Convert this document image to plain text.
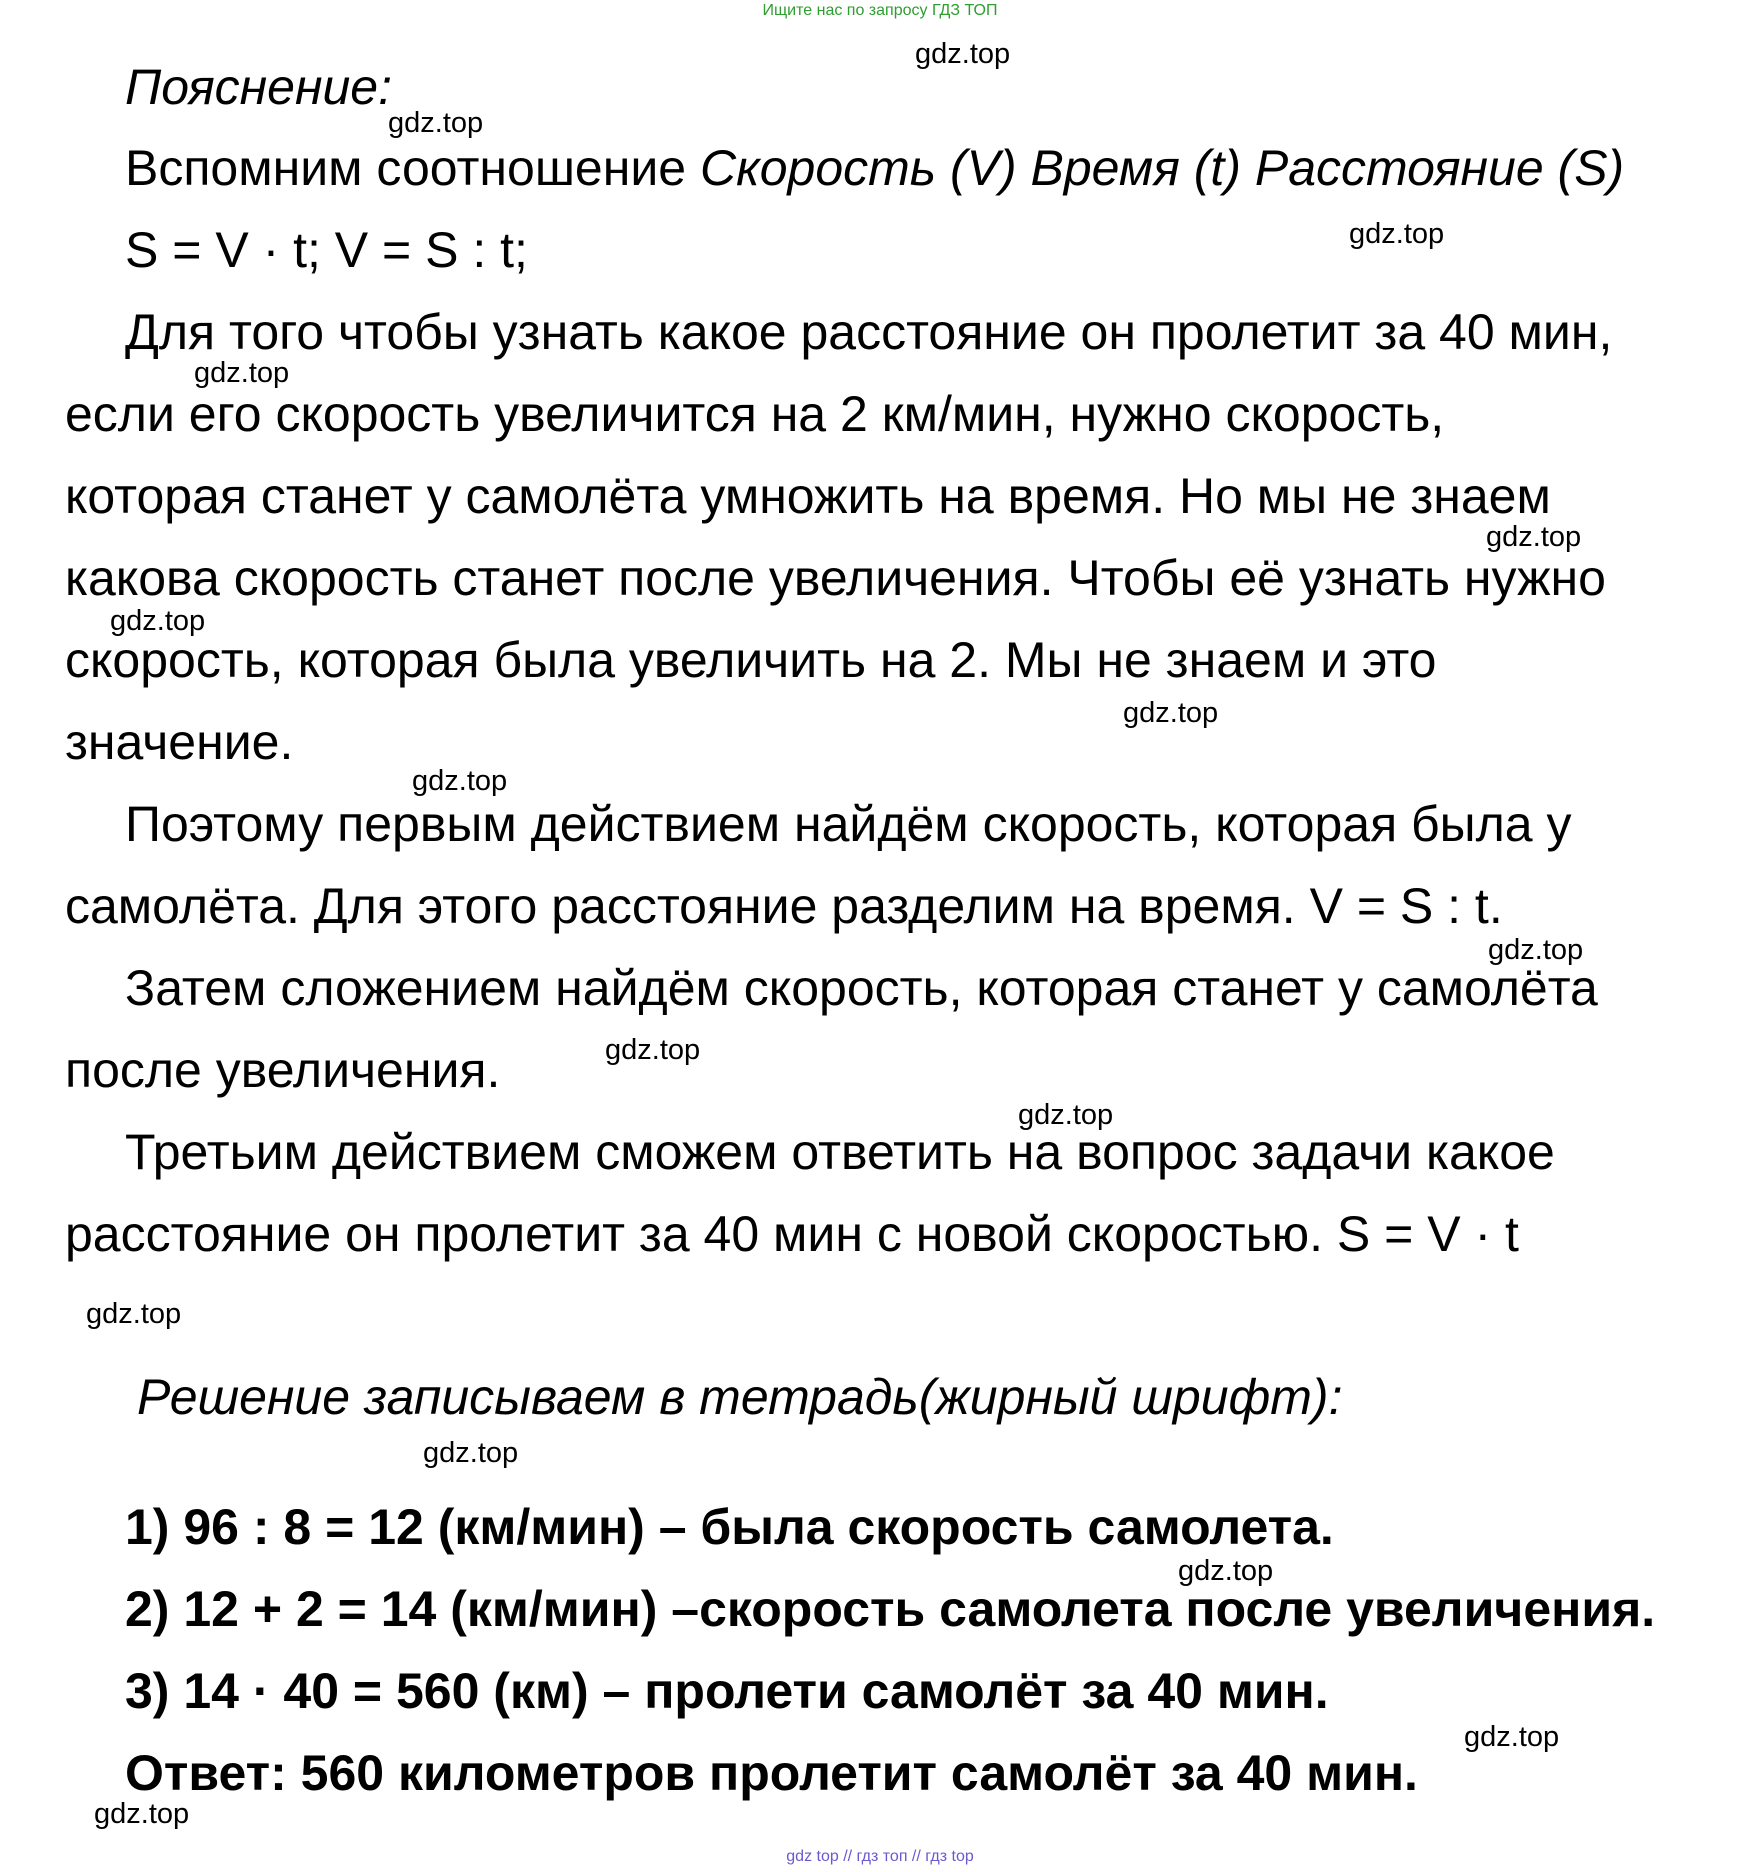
Ищите нас по запросу ГДЗ ТОП
gdz.top
gdz.top
gdz.top
gdz.top
gdz.top
gdz.top
gdz.top
gdz.top
gdz.top
gdz.top
gdz.top
gdz.top
gdz.top
gdz.top
gdz.top
gdz.top
Пояснение:
Вспомним соотношение Скорость (V) Время (t) Расстояние (S)
S = V · t; V = S : t;
Для того чтобы узнать какое расстояние он пролетит за 40 мин,
если его скорость увеличится на 2 км/мин, нужно скорость,
которая станет у самолёта умножить на время. Но мы не знаем
какова скорость станет после увеличения. Чтобы её узнать нужно
скорость, которая была увеличить на 2. Мы не знаем и это
значение.
Поэтому первым действием найдём скорость, которая была у
самолёта. Для этого расстояние разделим на время. V = S : t.
Затем сложением найдём скорость, которая станет у самолёта
после увеличения.
Третьим действием сможем ответить на вопрос задачи какое
расстояние он пролетит за 40 мин с новой скоростью. S = V · t
Решение записываем в тетрадь(жирный шрифт):
1) 96 : 8 = 12 (км/мин) – была скорость самолета.
2) 12 + 2 = 14 (км/мин) –скорость самолета после увеличения.
3) 14 · 40 = 560 (км) – пролети самолёт за 40 мин.
Ответ: 560 километров пролетит самолёт за 40 мин.
gdz top // гдз топ // гдз top
